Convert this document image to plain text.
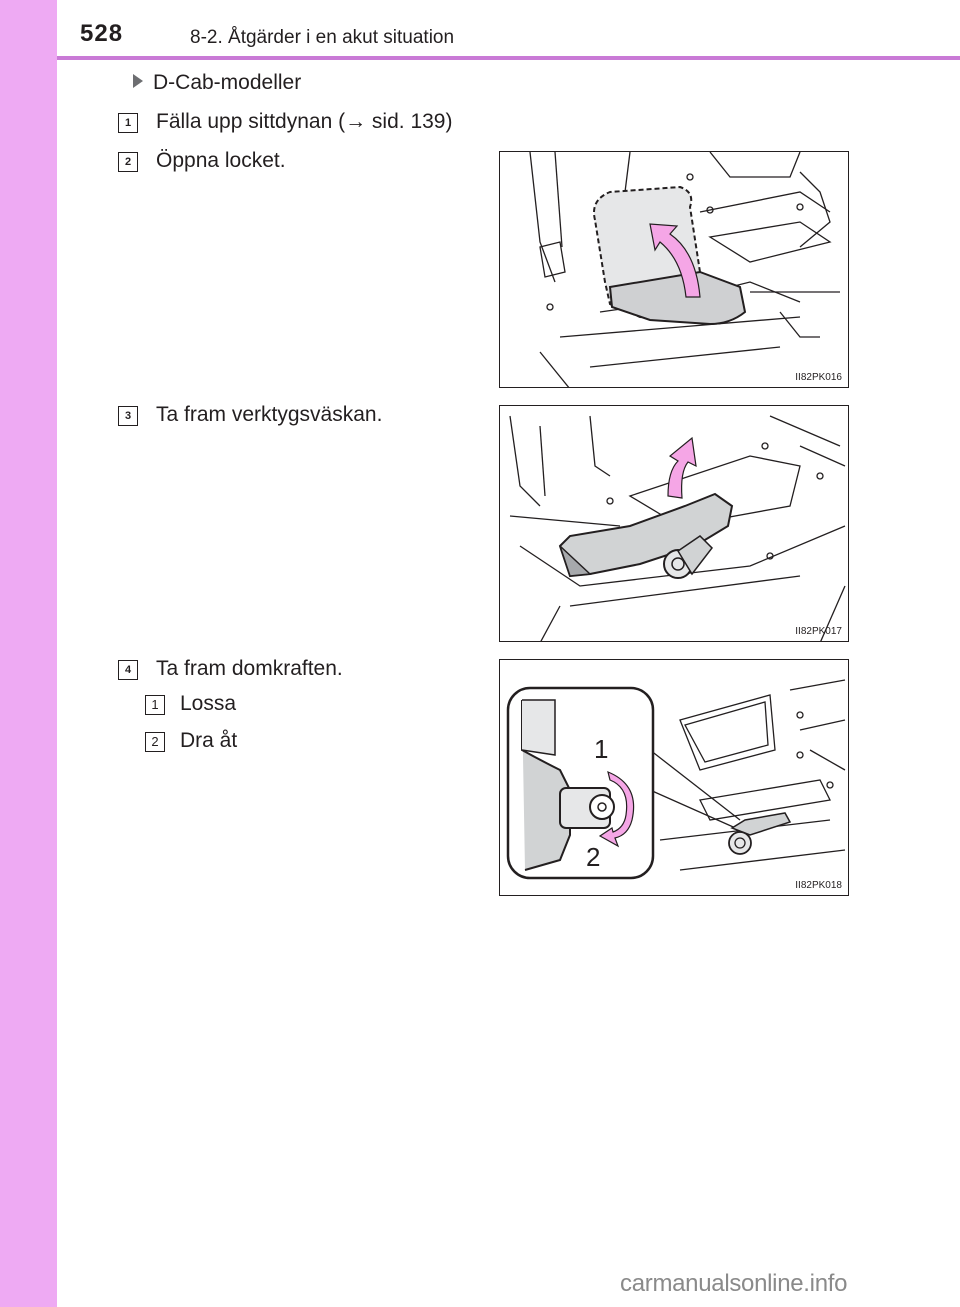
528	8-2. Åtgärder i en akut situation
D-Cab-modeller
1	Fälla upp sittdynan (→ sid. 139)
2	Öppna locket.
3	Ta fram verktygsväskan.
4	Ta fram domkraften.
1	Lossa
2	Dra åt
II82PK016
II82PK017
1
2
II82PK018
carmanualsonline.info
